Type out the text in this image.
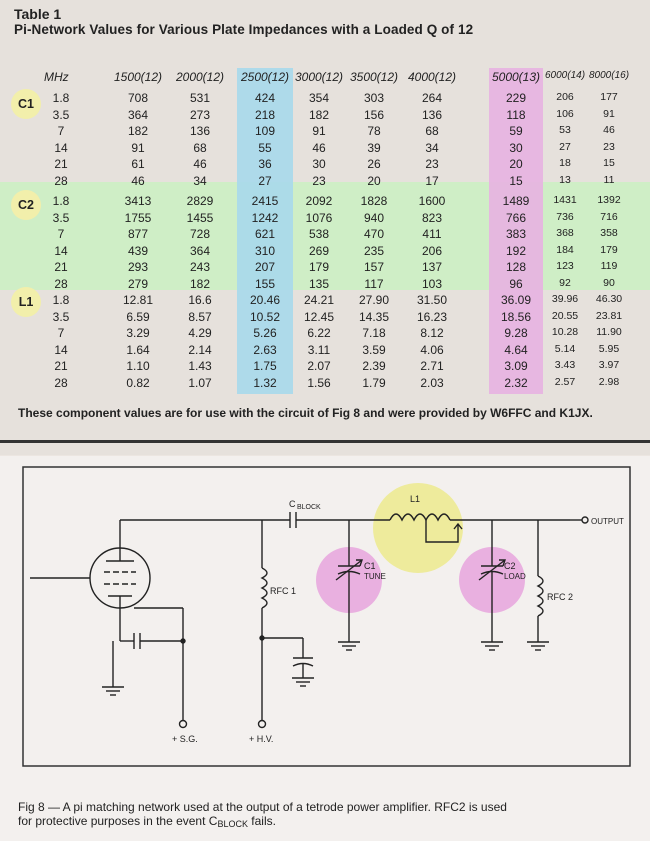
Table 1
Pi-Network Values for Various Plate Impedances with a Loaded Q of 12
MHz	1500(12)	2000(12)	2500(12) 3000(12) 3500(12) 4000(12)	5000(13) 6000(14) 8000(16)
C1
C2
L1
1.8	708	531	424	354	303	264	229	206	177
3.5	364	273	218	182	156	136	118	106	91
7	182	136	109	91	78	68	59	53	46
14	91	68	55	46	39	34	30	27	23
21	61	46	36	30	26	23	20	18	15
28	46	34	27	23	20	17	15	13	11
1.8	3413	2829	2415	2092	1828	1600	1489	1431	1392
3.5	1755	1455	1242	1076	940	823	766	736	716
7	877	728	621	538	470	411	383	368	358
14	439	364	310	269	235	206	192	184	179
21	293	243	207	179	157	137	128	123	119
28	279	182	155	135	117	103	96	92	90
1.8	12.81	16.6	20.46	24.21	27.90	31.50	36.09	39.96	46.30
3.5	6.59	8.57	10.52	12.45	14.35	16.23	18.56	20.55	23.81
7	3.29	4.29	5.26	6.22	7.18	8.12	9.28	10.28	11.90
14	1.64	2.14	2.63	3.11	3.59	4.06	4.64	5.14	5.95
21	1.10	1.43	1.75	2.07	2.39	2.71	3.09	3.43	3.97
28	0.82	1.07	1.32	1.56	1.79	2.03	2.32	2.57	2.98
These component values are for use with the circuit of Fig 8 and were provided by W6FFC and K1JX.
C BLOCK
L1
C1
TUNE
C2
LOAD
OUTPUT
RFC 1
RFC 2
+ S.G.	+ H.V.
Fig 8 — A pi matching network used at the output of a tetrode power amplifier. RFC2 is used
for protective purposes in the event CBLOCK fails.
